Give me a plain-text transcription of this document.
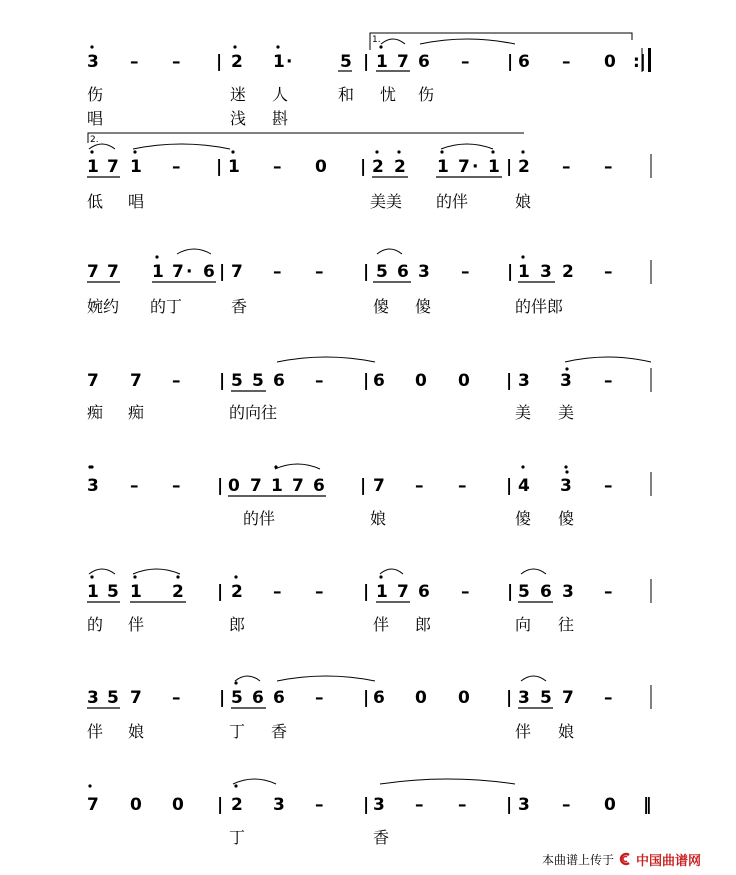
3 – – | 2 1 ·	5 | 1 7 6 – | 6 – 0 :|
伤	迷 人	和 忧 伤
唱	浅 斟
1.
2.
1 7 1 – | 1 – 0 | 2 2 1 7 · 1 | 2 – –
低 唱	美美 的伴	娘
7 7 1 7 · 6 | 7 – – | 5 6 3 – | 1 3 2 –
婉约 的丁	香	傻 傻	的伴郎
7 7 – | 5 5 6 – | 6 0 0 | 3 3 –
痴 痴	的向往	美 美
3 – – | 0 7 1 7 6 | 7 – – | 4 3 –
的伴	娘	傻 傻
1 5 1 2 | 2 – – | 1 7 6 – | 5 6 3 –
的 伴	郎	伴 郎	向 往
3 5 7 – | 5 6 6 – | 6 0 0 | 3 5 7 –
伴 娘	丁 香	伴 娘
7 0 0 | 2 3 – | 3 – – | 3 – 0 ‖
丁	香
本曲谱上传于 中国曲谱网
